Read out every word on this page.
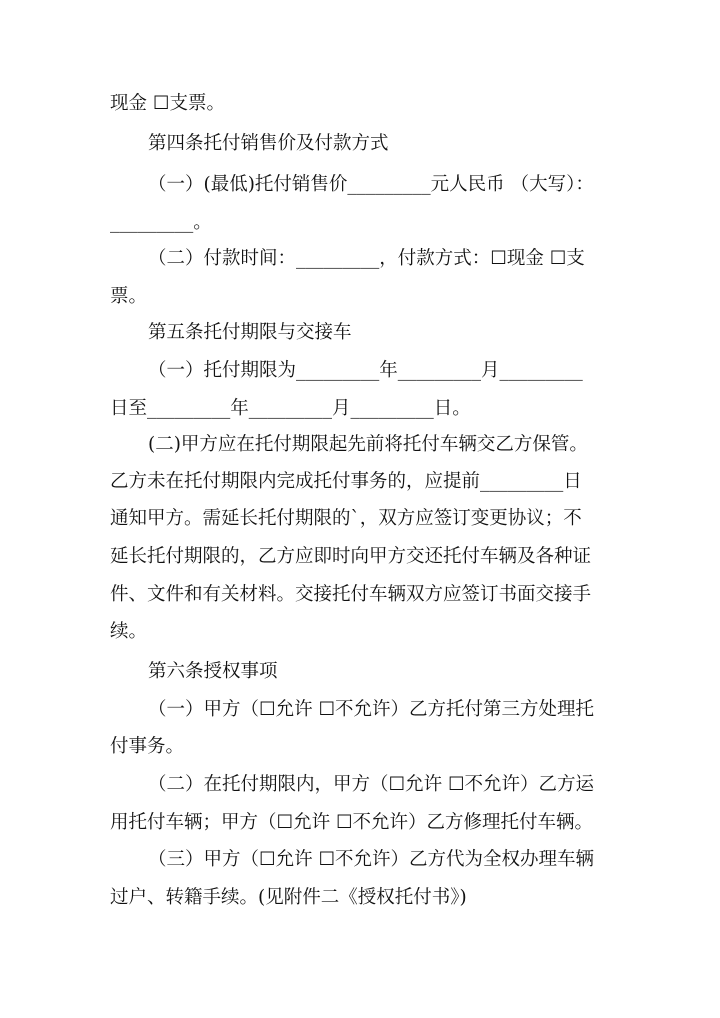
现金 ☐支票。
第四条托付销售价及付款方式
（一）(最低)托付销售价_________元人民币 （大写）：
_________。
（二）付款时间：_________，付款方式：☐现金 ☐支
票。
第五条托付期限与交接车
（一）托付期限为_________年_________月_________
日至_________年_________月_________日。
(二)甲方应在托付期限起先前将托付车辆交乙方保管。
乙方未在托付期限内完成托付事务的，应提前_________日
通知甲方。需延长托付期限的`，双方应签订变更协议；不
延长托付期限的，乙方应即时向甲方交还托付车辆及各种证
件、文件和有关材料。交接托付车辆双方应签订书面交接手
续。
第六条授权事项
（一）甲方（☐允许 ☐不允许）乙方托付第三方处理托
付事务。
（二）在托付期限内，甲方（☐允许 ☐不允许）乙方运
用托付车辆；甲方（☐允许 ☐不允许）乙方修理托付车辆。
（三）甲方（☐允许 ☐不允许）乙方代为全权办理车辆
过户、转籍手续。(见附件二《授权托付书》)
